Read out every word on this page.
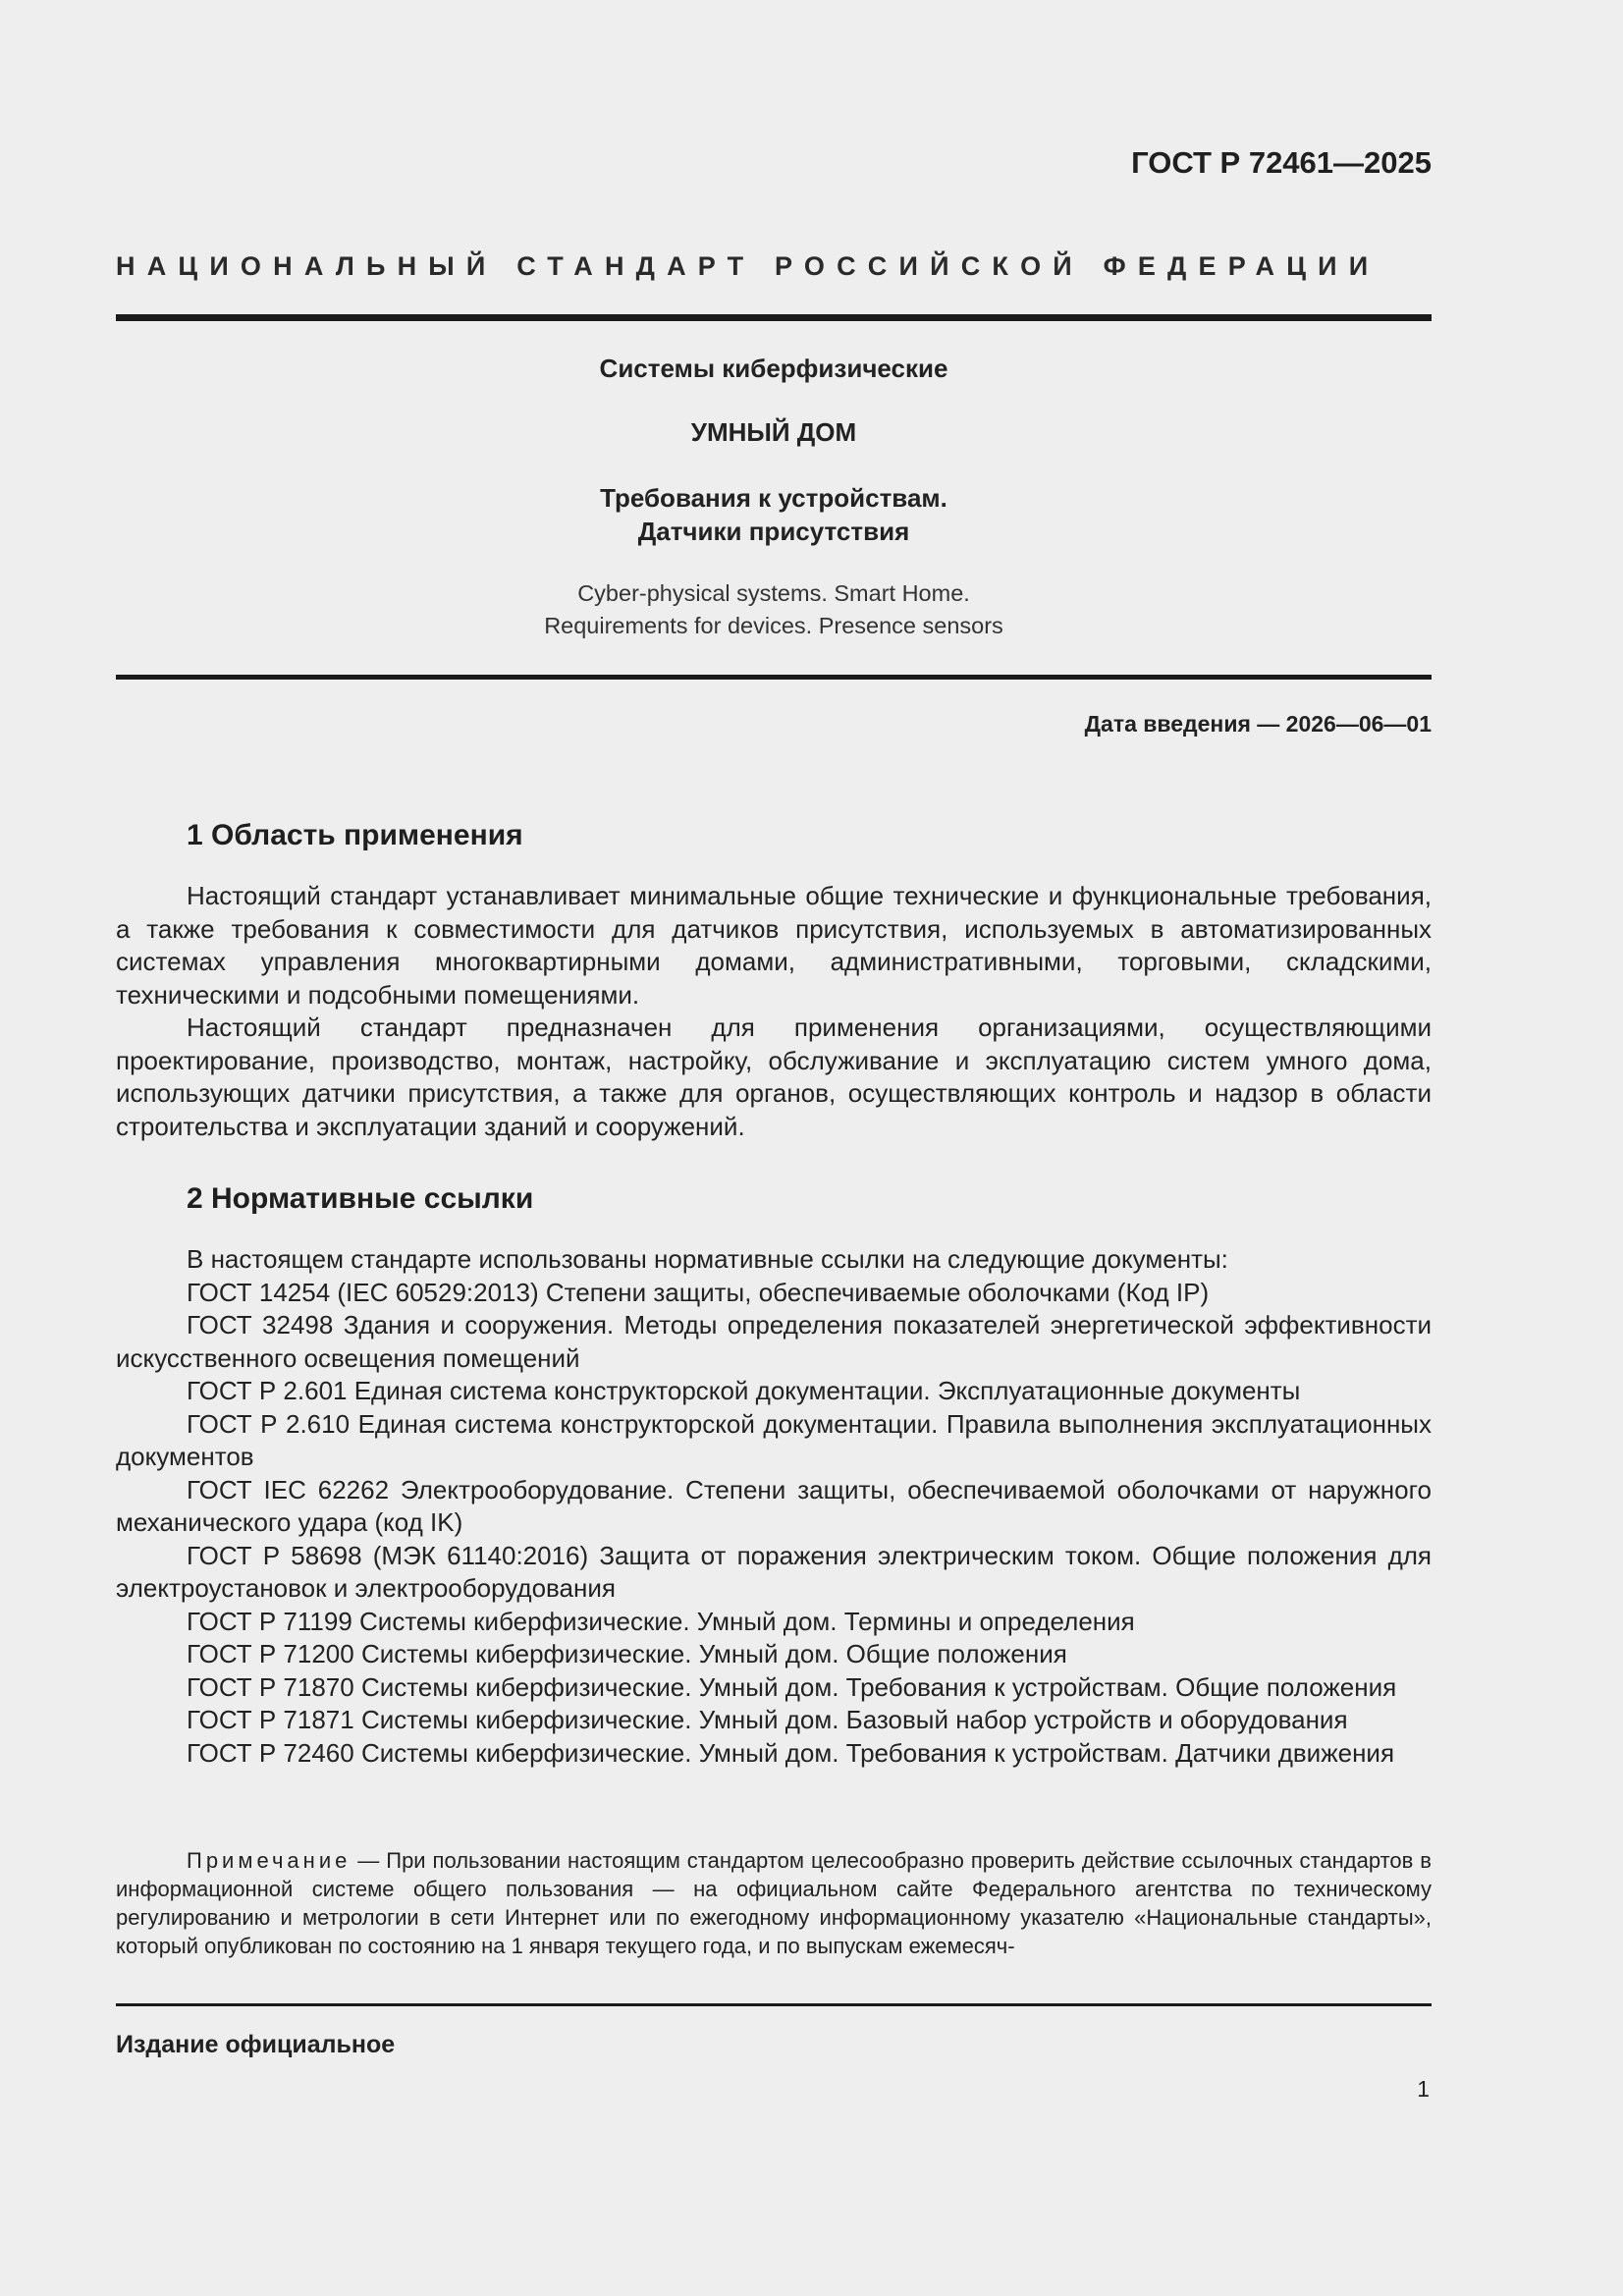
ГОСТ Р 72461—2025
НАЦИОНАЛЬНЫЙ СТАНДАРТ РОССИЙСКОЙ ФЕДЕРАЦИИ
Системы киберфизические
УМНЫЙ ДОМ
Требования к устройствам.
Датчики присутствия
Cyber-physical systems. Smart Home.
Requirements for devices. Presence sensors
Дата введения — 2026—06—01
1 Область применения

Настоящий стандарт устанавливает минимальные общие технические и функциональные требования, а также требования к совместимости для датчиков присутствия, используемых в автоматизированных системах управления многоквартирными домами, административными, торговыми, складскими, техническими и подсобными помещениями.

Настоящий стандарт предназначен для применения организациями, осуществляющими проектирование, производство, монтаж, настройку, обслуживание и эксплуатацию систем умного дома, использующих датчики присутствия, а также для органов, осуществляющих контроль и надзор в области строительства и эксплуатации зданий и сооружений.

2 Нормативные ссылки

В настоящем стандарте использованы нормативные ссылки на следующие документы:

ГОСТ 14254 (IEC 60529:2013) Степени защиты, обеспечиваемые оболочками (Код IP)

ГОСТ 32498 Здания и сооружения. Методы определения показателей энергетической эффективности искусственного освещения помещений

ГОСТ Р 2.601 Единая система конструкторской документации. Эксплуатационные документы

ГОСТ Р 2.610 Единая система конструкторской документации. Правила выполнения эксплуатационных документов

ГОСТ IEC 62262 Электрооборудование. Степени защиты, обеспечиваемой оболочками от наружного механического удара (код IK)

ГОСТ Р 58698 (МЭК 61140:2016) Защита от поражения электрическим током. Общие положения для электроустановок и электрооборудования

ГОСТ Р 71199 Системы киберфизические. Умный дом. Термины и определения

ГОСТ Р 71200 Системы киберфизические. Умный дом. Общие положения

ГОСТ Р 71870 Системы киберфизические. Умный дом. Требования к устройствам. Общие положения

ГОСТ Р 71871 Системы киберфизические. Умный дом. Базовый набор устройств и оборудования

ГОСТ Р 72460 Системы киберфизические. Умный дом. Требования к устройствам. Датчики движения

Примечание — При пользовании настоящим стандартом целесообразно проверить действие ссылочных стандартов в информационной системе общего пользования — на официальном сайте Федерального агентства по техническому регулированию и метрологии в сети Интернет или по ежегодному информационному указателю «Национальные стандарты», который опубликован по состоянию на 1 января текущего года, и по выпускам ежемесяч-
Издание официальное
1
